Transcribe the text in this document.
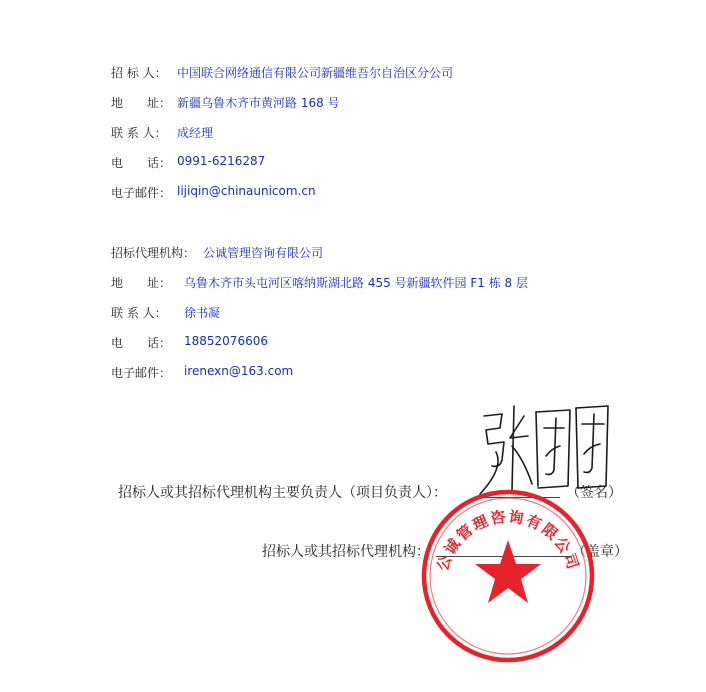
招 标 人： 中国联合网络通信有限公司新疆维吾尔自治区分公司
地　　址： 新疆乌鲁木齐市黄河路 168 号
联 系 人： 成经理
电　　话： 0991-6216287
电子邮件： lijiqin@chinaunicom.cn
招标代理机构： 公诚管理咨询有限公司
地　　址： 乌鲁木齐市头屯河区喀纳斯湖北路 455 号新疆软件园 F1 栋 8 层
联 系 人： 徐书凝
电　　话： 18852076606
电子邮件： irenexn@163.com
招标人或其招标代理机构主要负责人（项目负责人）：	（签名）
招标人或其招标代理机构：	（盖章）
公诚管理咨询有限公司
